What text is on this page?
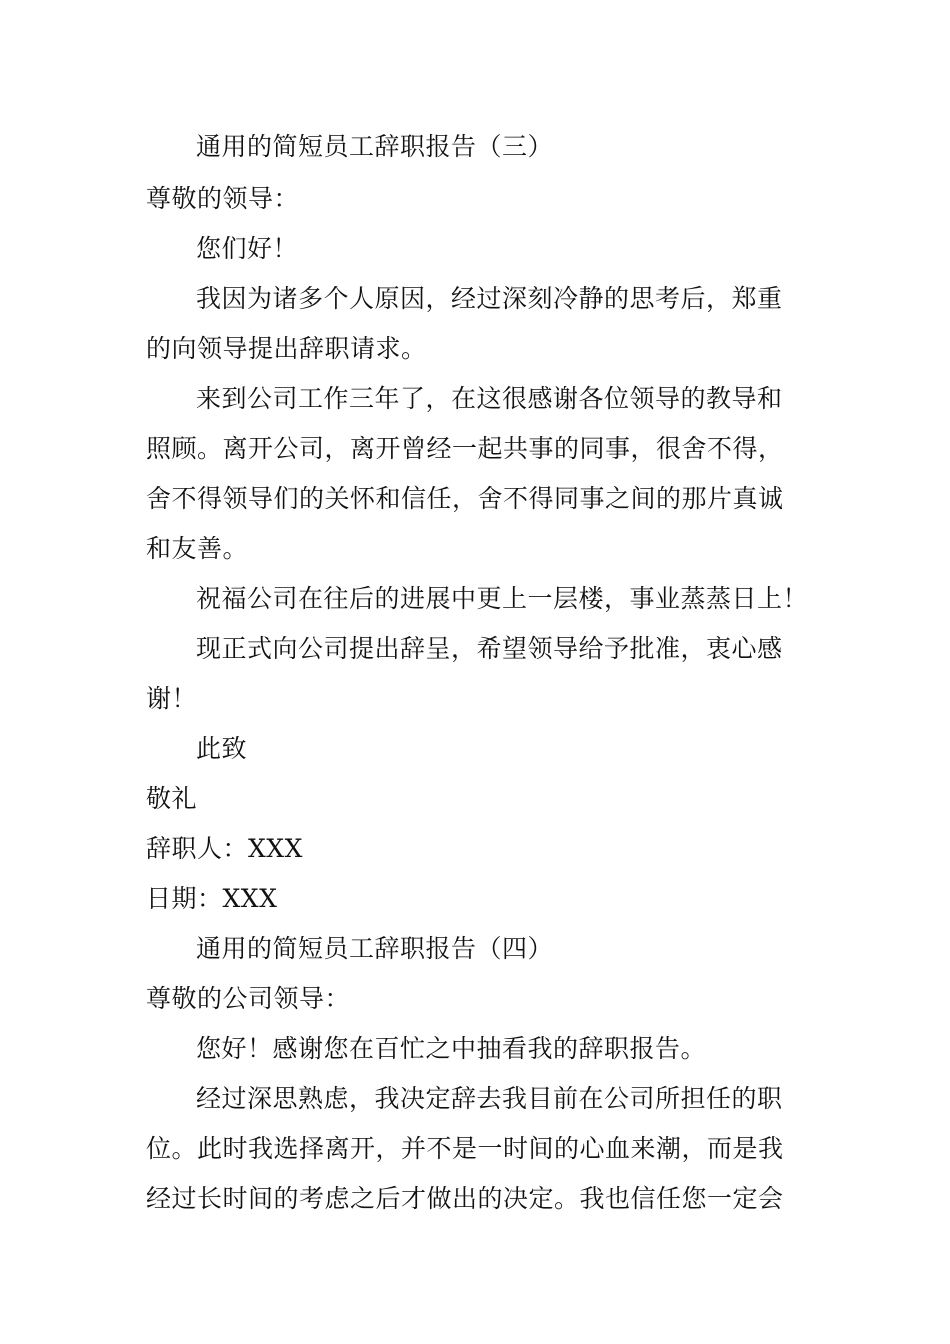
通用的简短员工辞职报告（三）
尊敬的领导：
您们好！
我因为诸多个人原因，经过深刻冷静的思考后，郑重
的向领导提出辞职请求。
来到公司工作三年了，在这很感谢各位领导的教导和
照顾。离开公司，离开曾经一起共事的同事，很舍不得，
舍不得领导们的关怀和信任，舍不得同事之间的那片真诚
和友善。
祝福公司在往后的进展中更上一层楼，事业蒸蒸日上！
现正式向公司提出辞呈，希望领导给予批准，衷心感
谢！
此致
敬礼
辞职人：XXX
日期：XXX
通用的简短员工辞职报告（四）
尊敬的公司领导：
您好！感谢您在百忙之中抽看我的辞职报告。
经过深思熟虑，我决定辞去我目前在公司所担任的职
位。此时我选择离开，并不是一时间的心血来潮，而是我
经过长时间的考虑之后才做出的决定。我也信任您一定会
